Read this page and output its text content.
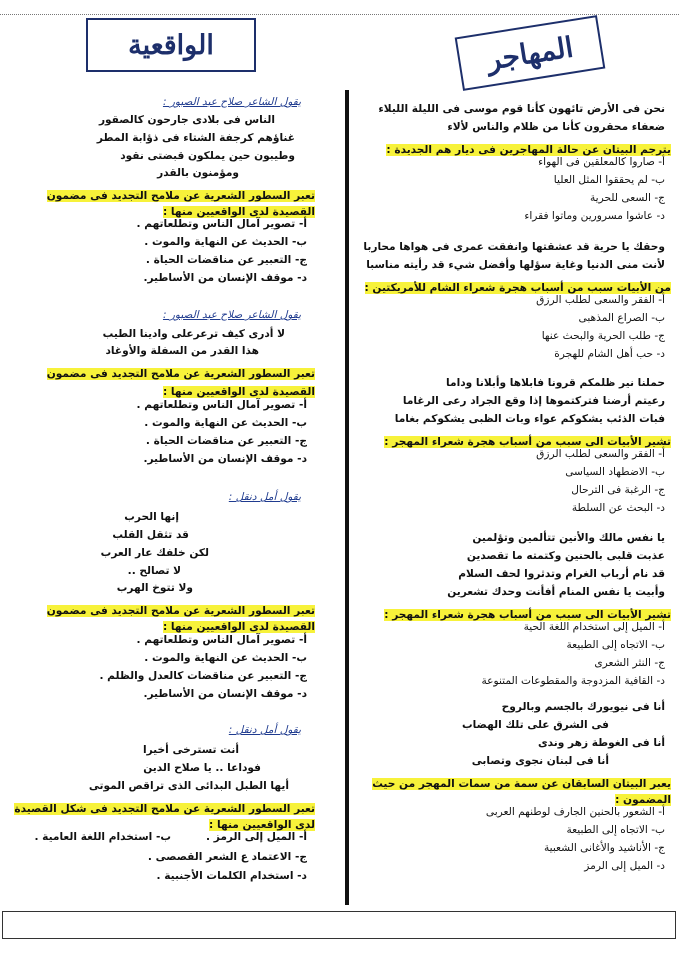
المهاجر
الواقعية
نحن فى الأرض تائهون كأنا قوم موسى فى الليلة الليلاء
ضعفاء محقرون كأنا من ظلام والناس لألاء
يترجم البيتان عن حالة المهاجرين فى ديار هم الجديدة :
أ- صاروا كالمعلقين فى الهواء
ب- لم يحققوا المثل العليا
ج- السعى للحرية
د- عاشوا مسرورين وماتوا فقراء
وحقك يا حرية قد عشقتها وانفقت عمرى فى هواها محاربا
لأنت منى الدنيا وغاية سؤلها وأفضل شيء قد رأيته مناسبا
من الأبيات سبب من أسباب هجرة شعراء الشام للأمريكتين :
أ- الفقر والسعى لطلب الرزق
ب- الصراع المذهبى
ج- طلب الحرية والبحث عنها
د- حب أهل الشام للهجرة
حملنا نير ظلمكم قرونا فابلاها وأبلانا وداما
رعيتم أرضنا فتركتموها إذا وقع الجراد رعى الرغاما
فبات الذئب يشكوكم عواء وبات الظبى يشكوكم بغاما
تشير الأبيات الى سبب من أسباب هجرة شعراء المهجر :
أ- الفقر والسعى لطلب الرزق
ب- الاضطهاد السياسى
ج- الرغبة فى الترحال
د- البحث عن السلطة
يا نفس مالك والأنين تتألمين وتؤلمين
عذبت قلبى بالحنين وكتمته ما تقصدين
قد نام أرباب الغرام وتدثروا لحف السلام
وأبيت يا نفس المنام أفأنت وحدك تشعرين
تشير الأبيات الى سبب من أسباب هجرة شعراء المهجر :
أ- الميل إلى استخدام اللغة الحية
ب- الاتجاه إلى الطبيعة
ج- النثر الشعرى
د- القافية المزدوجة والمقطوعات المتنوعة
أنا فى نيويورك بالجسم وبالروح
فى الشرق على تلك الهضاب
أنا فى الغوطة زهر وندى
أنا فى لبنان نجوى وتصابى
يعبر البيتان السابقان عن سمة من سمات المهجر من حيث
المضمون :
أ- الشعور بالحنين الجارف لوطنهم العربى
ب- الاتجاه إلى الطبيعة
ج- الأناشيد والأغانى الشعبية
د- الميل إلى الرمز
يقول الشاعر صلاح عبد الصبور :
الناس فى بلادى جارحون كالصقور
غناؤهم كرجفة الشتاء فى ذؤابة المطر
وطيبون حين يملكون قبضتى نقود
ومؤمنون بالقدر
تعبر السطور الشعرية عن ملامح التجديد فى مضمون
القصيدة لدى الواقعيين منها :
أ- تصوير آمال الناس وتطلعاتهم .
ب- الحديث عن النهاية والموت .
ج- التعبير عن مناقضات الحياة .
د- موقف الإنسان من الأساطير.
يقول الشاعر صلاح عبد الصبور :
لا أدرى كيف ترعرعلى وادينا الطيب
هذا القدر من السفلة والأوغاد
تعبر السطور الشعرية عن ملامح التجديد فى مضمون
القصيدة لدى الواقعيين منها :
أ- تصوير آمال الناس وتطلعاتهم .
ب- الحديث عن النهاية والموت .
ج- التعبير عن مناقضات الحياة .
د- موقف الإنسان من الأساطير.
يقول أمل دنقل :
إنها الحرب
قد تثقل القلب
لكن خلفك عار العرب
لا تصالح ..
ولا تتوخ الهرب
تعبر السطور الشعرية عن ملامح التجديد فى مضمون
القصيدة لدى الواقعيين منها :
أ- تصوير آمال الناس وتطلعاتهم .
ب- الحديث عن النهاية والموت .
ج- التعبير عن مناقضات كالعدل والظلم .
د- موقف الإنسان من الأساطير.
يقول أمل دنقل :
أنت تسترخى أخيرا
فوداعا .. يا صلاح الدين
أيها الطبل البدائى الذى تراقص الموتى
تعبر السطور الشعرية عن ملامح التجديد فى شكل القصيدة
لدى الواقعيين منها :
أ- الميل إلى الرمز .
ب- استخدام اللغة العامية .
ج- الاعتماد ع الشعر القصصى .
د- استخدام الكلمات الأجنبية .
